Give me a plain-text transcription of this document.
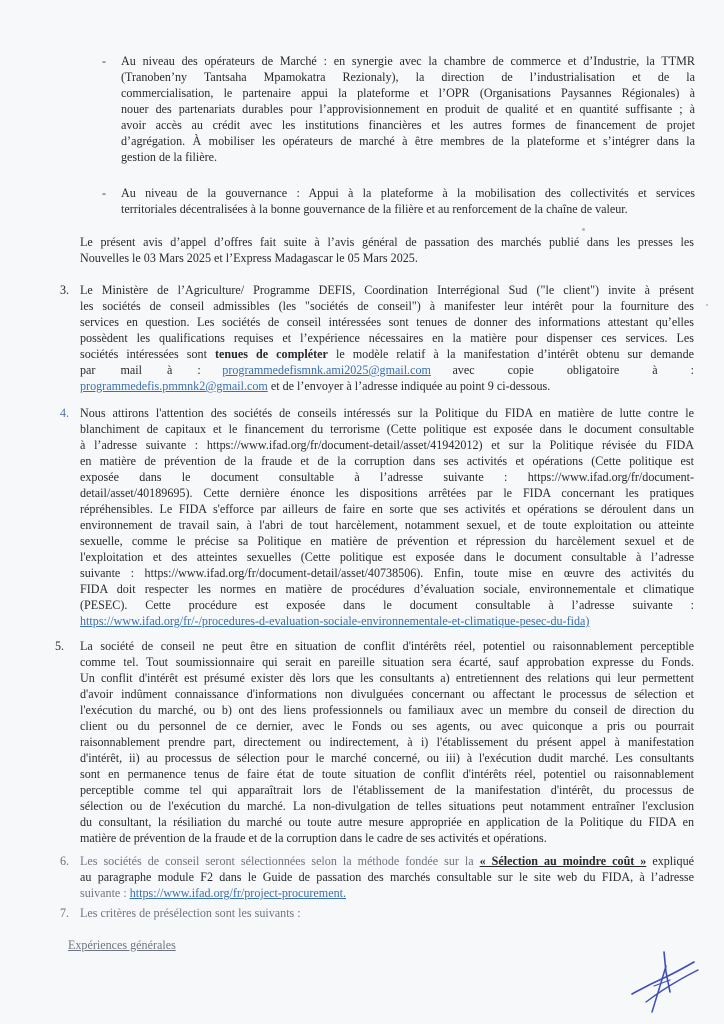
- Au niveau des opérateurs de Marché : en synergie avec la chambre de commerce et d’Industrie, la TTMR
(Tranoben’ny Tantsaha Mpamokatra Rezionaly), la direction de l’industrialisation et de la
commercialisation, le partenaire appui la plateforme et l’OPR (Organisations Paysannes Régionales) à
nouer des partenariats durables pour l’approvisionnement en produit de qualité et en quantité suffisante ; à
avoir accès au crédit avec les institutions financières et les autres formes de financement de projet
d’agrégation. À mobiliser les opérateurs de marché à être membres de la plateforme et s’intégrer dans la
gestion de la filière.
- Au niveau de la gouvernance : Appui à la plateforme à la mobilisation des collectivités et services
territoriales décentralisées à la bonne gouvernance de la filière et au renforcement de la chaîne de valeur.
Le présent avis d’appel d’offres fait suite à l’avis général de passation des marchés publié dans les presses les
Nouvelles le 03 Mars 2025 et l’Express Madagascar le 05 Mars 2025.
3. Le Ministère de l’Agriculture/ Programme DEFIS, Coordination Interrégional Sud ("le client") invite à présent
les sociétés de conseil admissibles (les "sociétés de conseil") à manifester leur intérêt pour la fourniture des
services en question. Les sociétés de conseil intéressées sont tenues de donner des informations attestant qu’elles
possèdent les qualifications requises et l’expérience nécessaires en la matière pour dispenser ces services. Les
sociétés intéressées sont tenues de compléter le modèle relatif à la manifestation d’intérêt obtenu sur demande
par mail à : programmedefismnk.ami2025@gmail.com avec copie obligatoire à :
programmedefis.pmmnk2@gmail.com et de l’envoyer à l’adresse indiquée au point 9 ci-dessous.
4. Nous attirons l'attention des sociétés de conseils intéressés sur la Politique du FIDA en matière de lutte contre le
blanchiment de capitaux et le financement du terrorisme (Cette politique est exposée dans le document consultable
à l’adresse suivante : https://www.ifad.org/fr/document-detail/asset/41942012) et sur la Politique révisée du FIDA
en matière de prévention de la fraude et de la corruption dans ses activités et opérations (Cette politique est
exposée dans le document consultable à l’adresse suivante : https://www.ifad.org/fr/document-
detail/asset/40189695). Cette dernière énonce les dispositions arrêtées par le FIDA concernant les pratiques
répréhensibles. Le FIDA s'efforce par ailleurs de faire en sorte que ses activités et opérations se déroulent dans un
environnement de travail sain, à l'abri de tout harcèlement, notamment sexuel, et de toute exploitation ou atteinte
sexuelle, comme le précise sa Politique en matière de prévention et répression du harcèlement sexuel et de
l'exploitation et des atteintes sexuelles (Cette politique est exposée dans le document consultable à l’adresse
suivante : https://www.ifad.org/fr/document-detail/asset/40738506). Enfin, toute mise en œuvre des activités du
FIDA doit respecter les normes en matière de procédures d’évaluation sociale, environnementale et climatique
(PESEC). Cette procédure est exposée dans le document consultable à l’adresse suivante :
https://www.ifad.org/fr/-/procedures-d-evaluation-sociale-environnementale-et-climatique-pesec-du-fida)
5. La société de conseil ne peut être en situation de conflit d'intérêts réel, potentiel ou raisonnablement perceptible
comme tel. Tout soumissionnaire qui serait en pareille situation sera écarté, sauf approbation expresse du Fonds.
Un conflit d'intérêt est présumé exister dès lors que les consultants a) entretiennent des relations qui leur permettent
d'avoir indûment connaissance d'informations non divulguées concernant ou affectant le processus de sélection et
l'exécution du marché, ou b) ont des liens professionnels ou familiaux avec un membre du conseil de direction du
client ou du personnel de ce dernier, avec le Fonds ou ses agents, ou avec quiconque a pris ou pourrait
raisonnablement prendre part, directement ou indirectement, à i) l'établissement du présent appel à manifestation
d'intérêt, ii) au processus de sélection pour le marché concerné, ou iii) à l'exécution dudit marché. Les consultants
sont en permanence tenus de faire état de toute situation de conflit d'intérêts réel, potentiel ou raisonnablement
perceptible comme tel qui apparaîtrait lors de l'établissement de la manifestation d'intérêt, du processus de
sélection ou de l'exécution du marché. La non-divulgation de telles situations peut notamment entraîner l'exclusion
du consultant, la résiliation du marché ou toute autre mesure appropriée en application de la Politique du FIDA en
matière de prévention de la fraude et de la corruption dans le cadre de ses activités et opérations.
6. Les sociétés de conseil seront sélectionnées selon la méthode fondée sur la « Sélection au moindre coût » expliqué
au paragraphe module F2 dans le Guide de passation des marchés consultable sur le site web du FIDA, à l’adresse
suivante : https://www.ifad.org/fr/project-procurement.
7. Les critères de présélection sont les suivants :
Expériences générales
